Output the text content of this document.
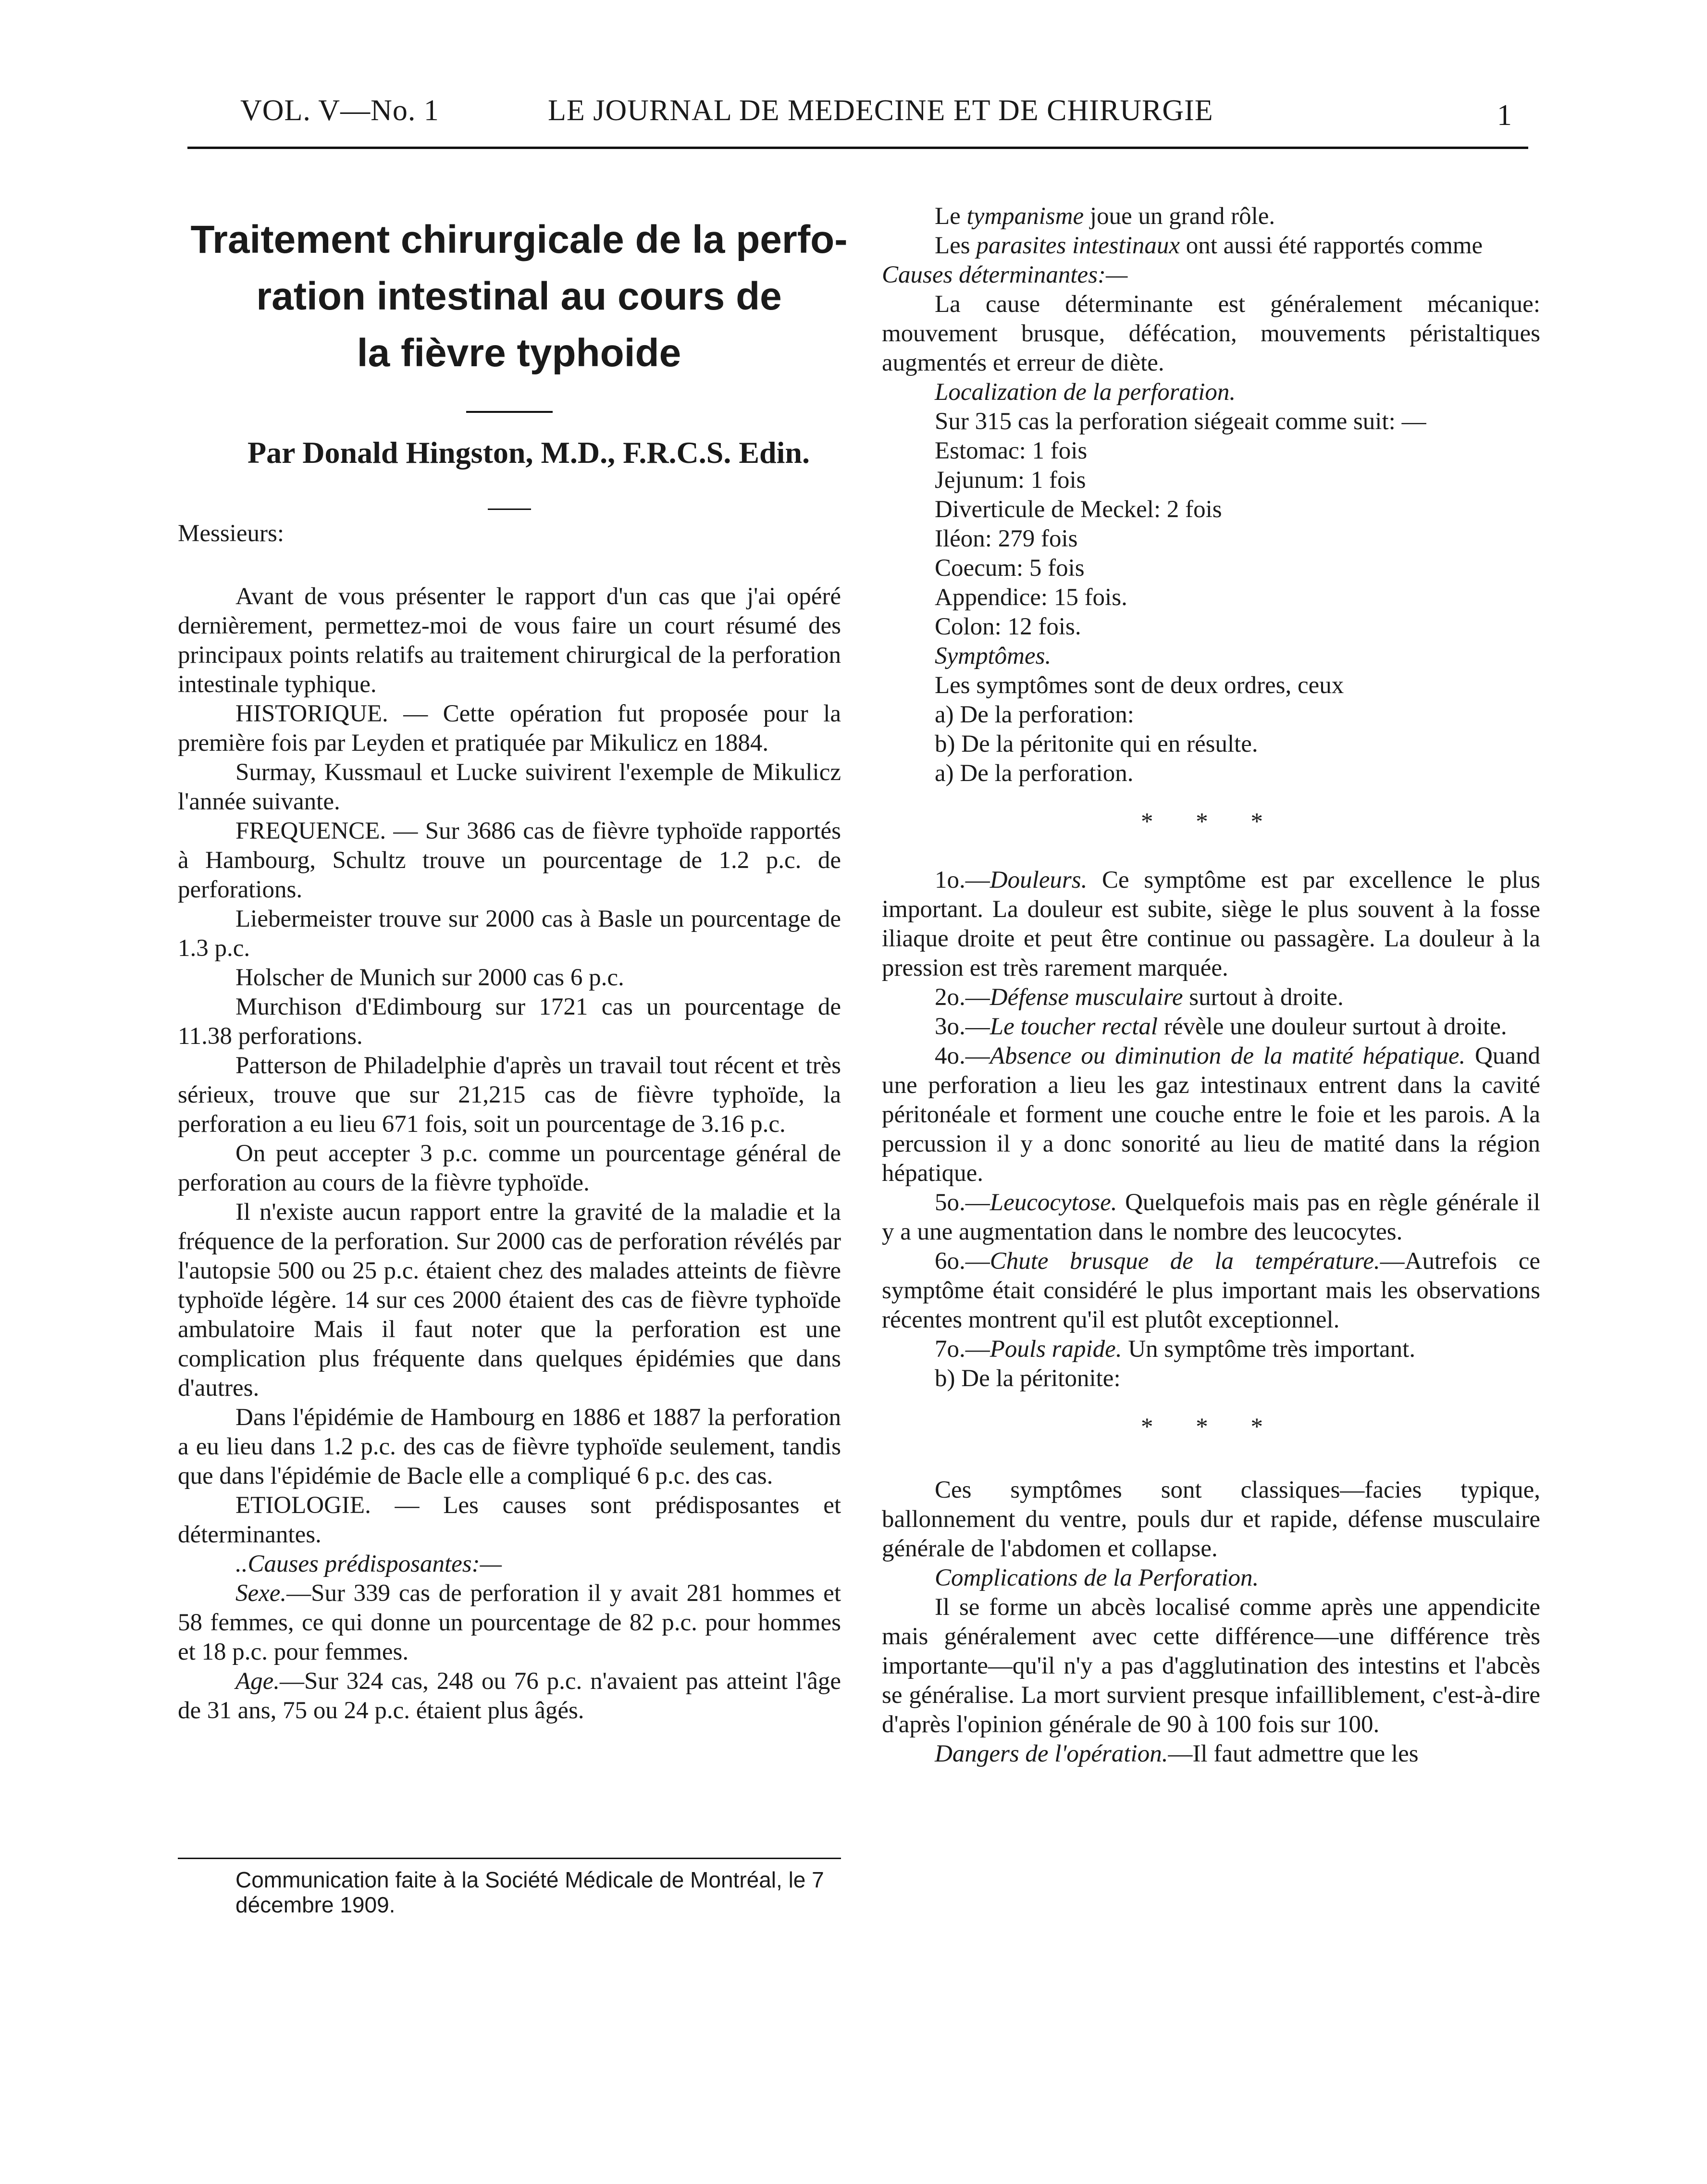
VOL. V—No. 1	LE JOURNAL DE MEDECINE ET DE CHIRURGIE	1
Traitement chirurgicale de la perfo-
ration intestinal au cours de
la fièvre typhoide
Par Donald Hingston, M.D., F.R.C.S. Edin.

Messieurs:

Avant de vous présenter le rapport d'un cas que j'ai opéré dernièrement, permettez-moi de vous faire un court résumé des principaux points relatifs au traitement chirurgical de la perforation intestinale typhique.

HISTORIQUE. — Cette opération fut proposée pour la première fois par Leyden et pratiquée par Mikulicz en 1884.

Surmay, Kussmaul et Lucke suivirent l'exemple de Mikulicz l'année suivante.

FREQUENCE. — Sur 3686 cas de fièvre typhoïde rapportés à Hambourg, Schultz trouve un pourcentage de 1.2 p.c. de perforations.

Liebermeister trouve sur 2000 cas à Basle un pourcentage de 1.3 p.c.

Holscher de Munich sur 2000 cas 6 p.c.

Murchison d'Edimbourg sur 1721 cas un pourcentage de 11.38 perforations.

Patterson de Philadelphie d'après un travail tout récent et très sérieux, trouve que sur 21,215 cas de fièvre typhoïde, la perforation a eu lieu 671 fois, soit un pourcentage de 3.16 p.c.

On peut accepter 3 p.c. comme un pourcentage général de perforation au cours de la fièvre typhoïde.

Il n'existe aucun rapport entre la gravité de la maladie et la fréquence de la perforation. Sur 2000 cas de perforation révélés par l'autopsie 500 ou 25 p.c. étaient chez des malades atteints de fièvre typhoïde légère. 14 sur ces 2000 étaient des cas de fièvre typhoïde ambulatoire Mais il faut noter que la perforation est une complication plus fréquente dans quelques épidémies que dans d'autres.

Dans l'épidémie de Hambourg en 1886 et 1887 la perforation a eu lieu dans 1.2 p.c. des cas de fièvre typhoïde seulement, tandis que dans l'épidémie de Bacle elle a compliqué 6 p.c. des cas.

ETIOLOGIE. — Les causes sont prédisposantes et déterminantes.

..Causes prédisposantes:—

Sexe.—Sur 339 cas de perforation il y avait 281 hommes et 58 femmes, ce qui donne un pourcentage de 82 p.c. pour hommes et 18 p.c. pour femmes.

Age.—Sur 324 cas, 248 ou 76 p.c. n'avaient pas atteint l'âge de 31 ans, 75 ou 24 p.c. étaient plus âgés.

Communication faite à la Société Médicale de Montréal, le 7 décembre 1909.

Le tympanisme joue un grand rôle.

Les parasites intestinaux ont aussi été rapportés comme

Causes déterminantes:—

La cause déterminante est généralement mécanique: mouvement brusque, défécation, mouvements péristaltiques augmentés et erreur de diète.

Localization de la perforation.

Sur 315 cas la perforation siégeait comme suit: —

Estomac: 1 fois

Jejunum: 1 fois

Diverticule de Meckel: 2 fois

Iléon: 279 fois

Coecum: 5 fois

Appendice: 15 fois.

Colon: 12 fois.

Symptômes.

Les symptômes sont de deux ordres, ceux

a) De la perforation:

b) De la péritonite qui en résulte.

a) De la perforation.

* * *

1o.—Douleurs. Ce symptôme est par excellence le plus important. La douleur est subite, siège le plus souvent à la fosse iliaque droite et peut être continue ou passagère. La douleur à la pression est très rarement marquée.

2o.—Défense musculaire surtout à droite.

3o.—Le toucher rectal révèle une douleur surtout à droite.

4o.—Absence ou diminution de la matité hépatique. Quand une perforation a lieu les gaz intestinaux entrent dans la cavité péritonéale et forment une couche entre le foie et les parois. A la percussion il y a donc sonorité au lieu de matité dans la région hépatique.

5o.—Leucocytose. Quelquefois mais pas en règle générale il y a une augmentation dans le nombre des leucocytes.

6o.—Chute brusque de la température.—Autrefois ce symptôme était considéré le plus important mais les observations récentes montrent qu'il est plutôt exceptionnel.

7o.—Pouls rapide. Un symptôme très important.

b) De la péritonite:

* * *

Ces symptômes sont classiques—facies typique, ballonnement du ventre, pouls dur et rapide, défense musculaire générale de l'abdomen et collapse.

Complications de la Perforation.

Il se forme un abcès localisé comme après une appendicite mais généralement avec cette différence—une différence très importante—qu'il n'y a pas d'agglutination des intestins et l'abcès se généralise. La mort survient presque infailliblement, c'est-à-dire d'après l'opinion générale de 90 à 100 fois sur 100.

Dangers de l'opération.—Il faut admettre que les
